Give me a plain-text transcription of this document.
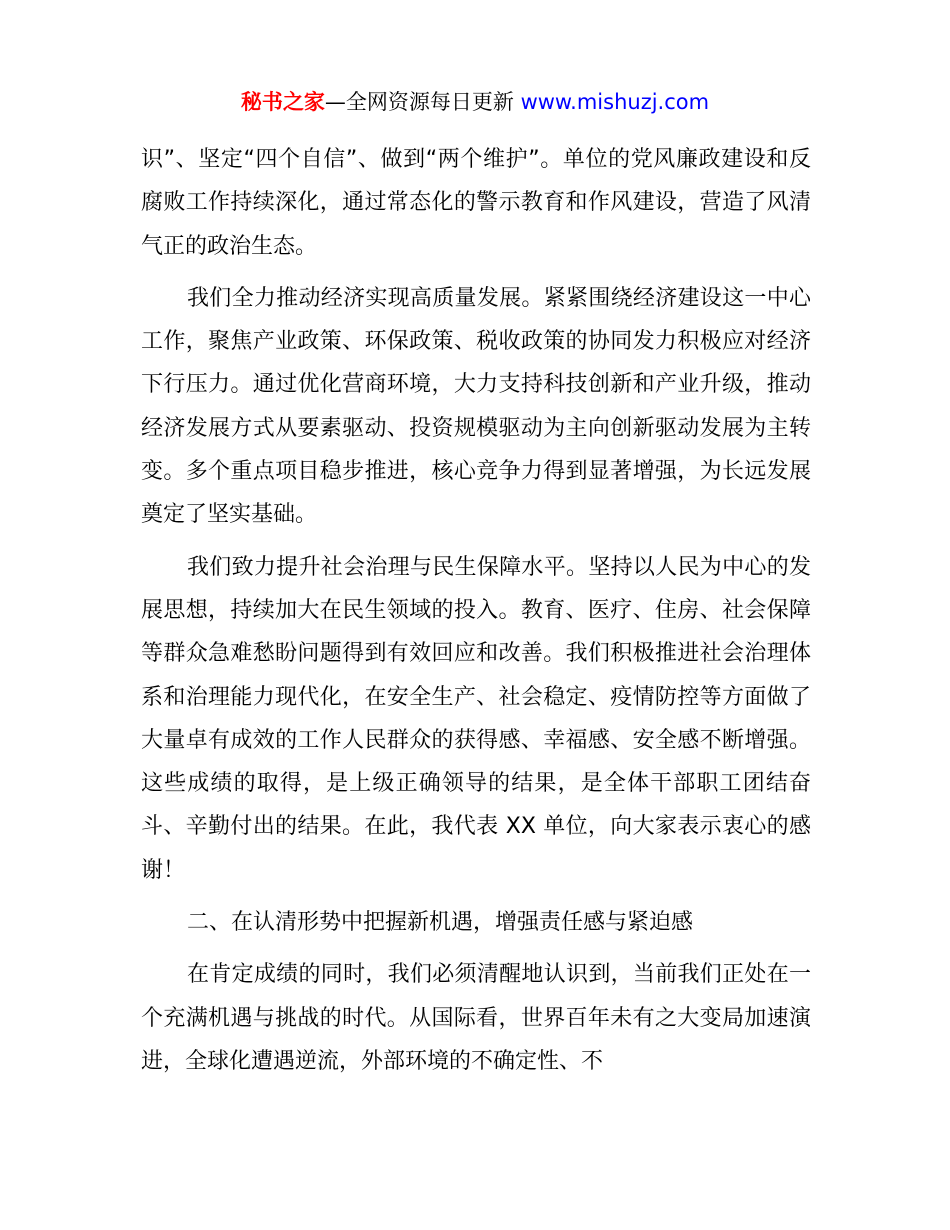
秘书之家—全网资源每日更新 www.mishuzj.com

识”、坚定“四个自信”、做到“两个维护”。单位的党风廉政建设和反腐败工作持续深化，通过常态化的警示教育和作风建设，营造了风清气正的政治生态。

我们全力推动经济实现高质量发展。紧紧围绕经济建设这一中心工作，聚焦产业政策、环保政策、税收政策的协同发力积极应对经济下行压力。通过优化营商环境，大力支持科技创新和产业升级，推动经济发展方式从要素驱动、投资规模驱动为主向创新驱动发展为主转变。多个重点项目稳步推进，核心竞争力得到显著增强，为长远发展奠定了坚实基础。

我们致力提升社会治理与民生保障水平。坚持以人民为中心的发展思想，持续加大在民生领域的投入。教育、医疗、住房、社会保障等群众急难愁盼问题得到有效回应和改善。我们积极推进社会治理体系和治理能力现代化，在安全生产、社会稳定、疫情防控等方面做了大量卓有成效的工作人民群众的获得感、幸福感、安全感不断增强。这些成绩的取得，是上级正确领导的结果，是全体干部职工团结奋斗、辛勤付出的结果。在此，我代表 XX 单位，向大家表示衷心的感谢！

二、在认清形势中把握新机遇，增强责任感与紧迫感

在肯定成绩的同时，我们必须清醒地认识到，当前我们正处在一个充满机遇与挑战的时代。从国际看，世界百年未有之大变局加速演进，全球化遭遇逆流，外部环境的不确定性、不
